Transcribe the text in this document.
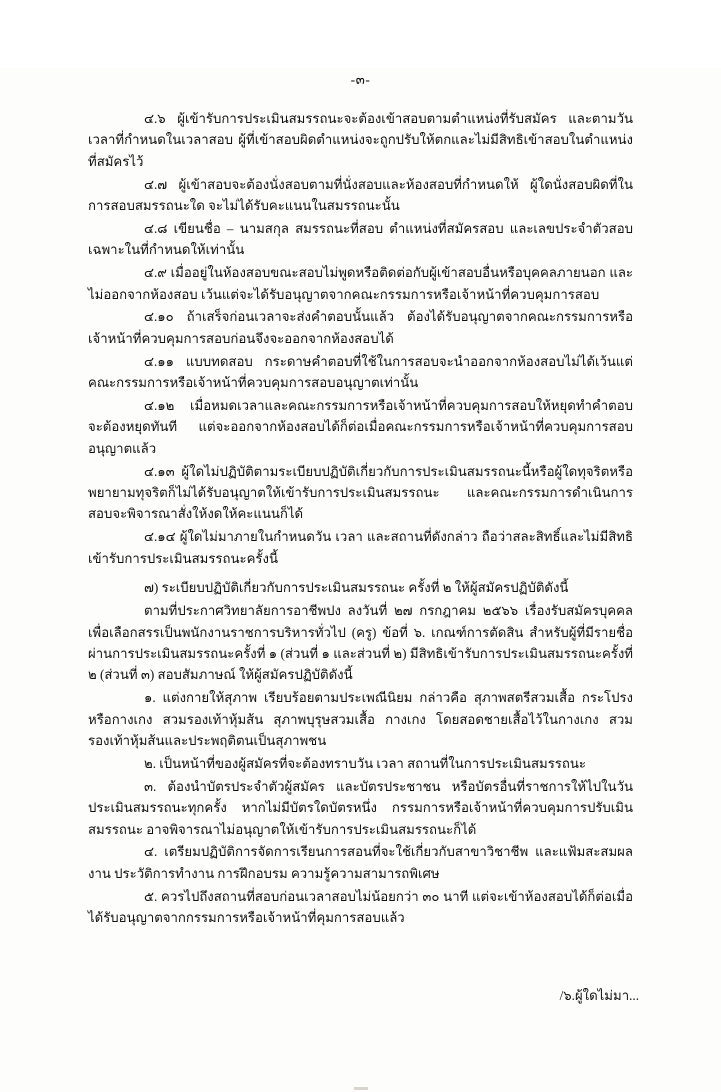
-๓-

๔.๖ ผู้เข้ารับการประเมินสมรรถนะจะต้องเข้าสอบตามตำแหน่งที่รับสมัคร และตามวัน เวลาที่กำหนดในเวลาสอบ ผู้ที่เข้าสอบผิดตำแหน่งจะถูกปรับให้ตกและไม่มีสิทธิเข้าสอบในตำแหน่งที่สมัครไว้

๔.๗ ผู้เข้าสอบจะต้องนั่งสอบตามที่นั่งสอบและห้องสอบที่กำหนดให้ ผู้ใดนั่งสอบผิดที่ในการสอบสมรรถนะใด จะไม่ได้รับคะแนนในสมรรถนะนั้น

๔.๘ เขียนชื่อ – นามสกุล สมรรถนะที่สอบ ตำแหน่งที่สมัครสอบ และเลขประจำตัวสอบเฉพาะในที่กำหนดให้เท่านั้น

๔.๙ เมื่ออยู่ในห้องสอบขณะสอบไม่พูดหรือติดต่อกับผู้เข้าสอบอื่นหรือบุคคลภายนอก และไม่ออกจากห้องสอบ เว้นแต่จะได้รับอนุญาตจากคณะกรรมการหรือเจ้าหน้าที่ควบคุมการสอบ

๔.๑๐ ถ้าเสร็จก่อนเวลาจะส่งคำตอบนั้นแล้ว ต้องได้รับอนุญาตจากคณะกรรมการหรือเจ้าหน้าที่ควบคุมการสอบก่อนจึงจะออกจากห้องสอบได้

๔.๑๑ แบบทดสอบ กระดาษคำตอบที่ใช้ในการสอบจะนำออกจากห้องสอบไม่ได้เว้นแต่คณะกรรมการหรือเจ้าหน้าที่ควบคุมการสอบอนุญาตเท่านั้น

๔.๑๒ เมื่อหมดเวลาและคณะกรรมการหรือเจ้าหน้าที่ควบคุมการสอบให้หยุดทำคำตอบจะต้องหยุดทันที แต่จะออกจากห้องสอบได้ก็ต่อเมื่อคณะกรรมการหรือเจ้าหน้าที่ควบคุมการสอบอนุญาตแล้ว

๔.๑๓ ผู้ใดไม่ปฏิบัติตามระเบียบปฏิบัติเกี่ยวกับการประเมินสมรรถนะนี้หรือผู้ใดทุจริตหรือพยายามทุจริตก็ไม่ได้รับอนุญาตให้เข้ารับการประเมินสมรรถนะ และคณะกรรมการดำเนินการสอบจะพิจารณาสั่งให้งดให้คะแนนก็ได้

๔.๑๔ ผู้ใดไม่มาภายในกำหนดวัน เวลา และสถานที่ดังกล่าว ถือว่าสละสิทธิ์และไม่มีสิทธิเข้ารับการประเมินสมรรถนะครั้งนี้

๗) ระเบียบปฏิบัติเกี่ยวกับการประเมินสมรรถนะ ครั้งที่ ๒ ให้ผู้สมัครปฏิบัติดังนี้

ตามที่ประกาศวิทยาลัยการอาชีพปง ลงวันที่ ๒๗ กรกฎาคม ๒๕๖๖ เรื่องรับสมัครบุคคลเพื่อเลือกสรรเป็นพนักงานราชการบริหารทั่วไป (ครู) ข้อที่ ๖. เกณฑ์การตัดสิน สำหรับผู้ที่มีรายชื่อผ่านการประเมินสมรรถนะครั้งที่ ๑ (ส่วนที่ ๑ และส่วนที่ ๒) มีสิทธิเข้ารับการประเมินสมรรถนะครั้งที่ ๒ (ส่วนที่ ๓) สอบสัมภาษณ์ ให้ผู้สมัครปฏิบัติดังนี้

๑. แต่งกายให้สุภาพ เรียบร้อยตามประเพณีนิยม กล่าวคือ สุภาพสตรีสวมเสื้อ กระโปรง หรือกางเกง สวมรองเท้าหุ้มส้น สุภาพบุรุษสวมเสื้อ กางเกง โดยสอดชายเสื้อไว้ในกางเกง สวมรองเท้าหุ้มส้นและประพฤติตนเป็นสุภาพชน

๒. เป็นหน้าที่ของผู้สมัครที่จะต้องทราบวัน เวลา สถานที่ในการประเมินสมรรถนะ

๓. ต้องนำบัตรประจำตัวผู้สมัคร และบัตรประชาชน หรือบัตรอื่นที่ราชการให้ไปในวันประเมินสมรรถนะทุกครั้ง หากไม่มีบัตรใดบัตรหนึ่ง กรรมการหรือเจ้าหน้าที่ควบคุมการปรับเมินสมรรถนะ อาจพิจารณาไม่อนุญาตให้เข้ารับการประเมินสมรรถนะก็ได้

๔. เตรียมปฏิบัติการจัดการเรียนการสอนที่จะใช้เกี่ยวกับสาขาวิชาชีพ และแฟ้มสะสมผลงาน ประวัติการทำงาน การฝึกอบรม ความรู้ความสามารถพิเศษ

๕. ควรไปถึงสถานที่สอบก่อนเวลาสอบไม่น้อยกว่า ๓๐ นาที แต่จะเข้าห้องสอบได้ก็ต่อเมื่อได้รับอนุญาตจากกรรมการหรือเจ้าหน้าที่คุมการสอบแล้ว

/๖.ผู้ใดไม่มา...
